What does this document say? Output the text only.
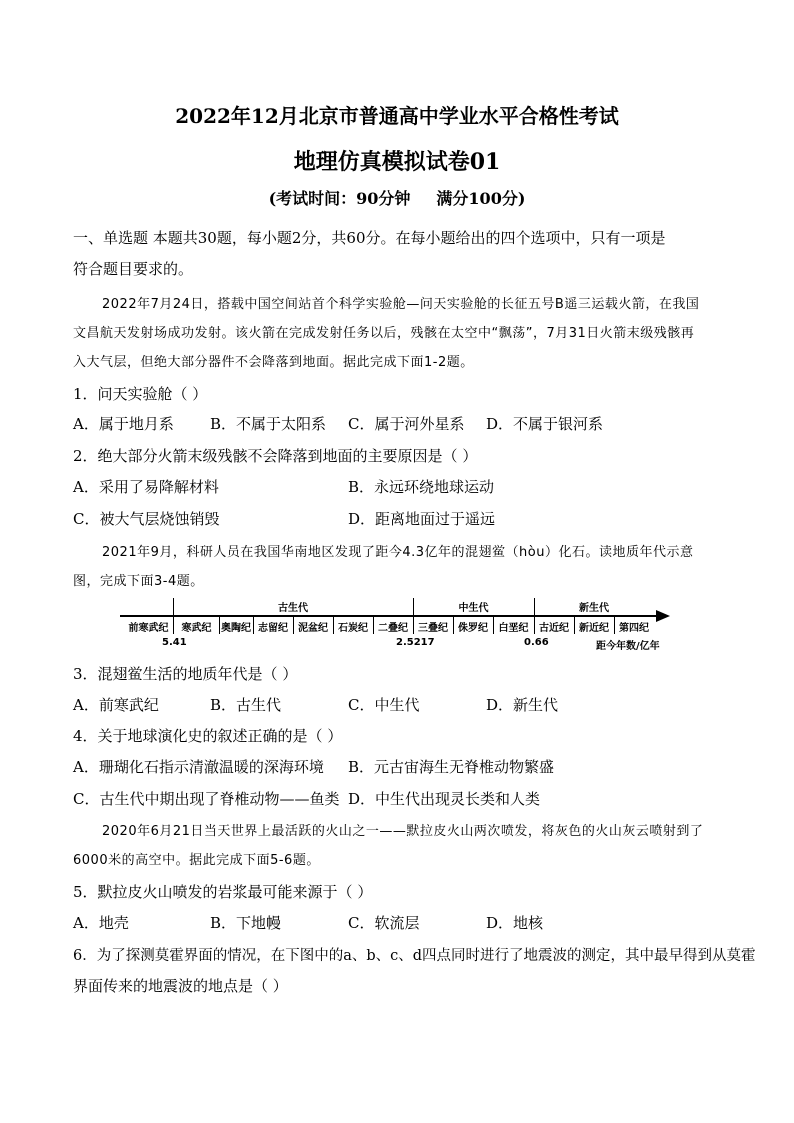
2022年12月北京市普通高中学业水平合格性考试
地理仿真模拟试卷01
(考试时间：90分钟 满分100分)
一、单选题 本题共30题，每小题2分，共60分。在每小题给出的四个选项中，只有一项是
符合题目要求的。
2022年7月24日，搭载中国空间站首个科学实验舱—问天实验舱的长征五号B遥三运载火箭，在我国
文昌航天发射场成功发射。该火箭在完成发射任务以后，残骸在太空中“飘荡”，7月31日火箭末级残骸再
入大气层，但绝大部分器件不会降落到地面。据此完成下面1-2题。
1．问天实验舱（ ）
A．属于地月系 B．不属于太阳系 C．属于河外星系 D．不属于银河系
2．绝大部分火箭末级残骸不会降落到地面的主要原因是（ ）
A．采用了易降解材料	B．永远环绕地球运动
C．被大气层烧蚀销毁	D．距离地面过于遥远
2021年9月，科研人员在我国华南地区发现了距今4.3亿年的混翅鲎（hòu）化石。读地质年代示意
图，完成下面3-4题。
古生代	中生代	新生代
前寒武纪	寒武纪 奥陶纪 志留纪	泥盆纪	石炭纪	二叠纪	三叠纪	侏罗纪	白垩纪	古近纪	新近纪	第四纪
5.41	2.5217	0.66	距今年数/亿年
3．混翅鲎生活的地质年代是（ ）
A．前寒武纪	B．古生代	C．中生代	D．新生代
4．关于地球演化史的叙述正确的是（ ）
A．珊瑚化石指示清澈温暖的深海环境 B．元古宙海生无脊椎动物繁盛
C．古生代中期出现了脊椎动物——鱼类 D．中生代出现灵长类和人类
2020年6月21日当天世界上最活跃的火山之一——默拉皮火山两次喷发，将灰色的火山灰云喷射到了
6000米的高空中。据此完成下面5-6题。
5．默拉皮火山喷发的岩浆最可能来源于（ ）
A．地壳	B．下地幔	C．软流层	D．地核
6．为了探测莫霍界面的情况，在下图中的a、b、c、d四点同时进行了地震波的测定，其中最早得到从莫霍
界面传来的地震波的地点是（ ）
